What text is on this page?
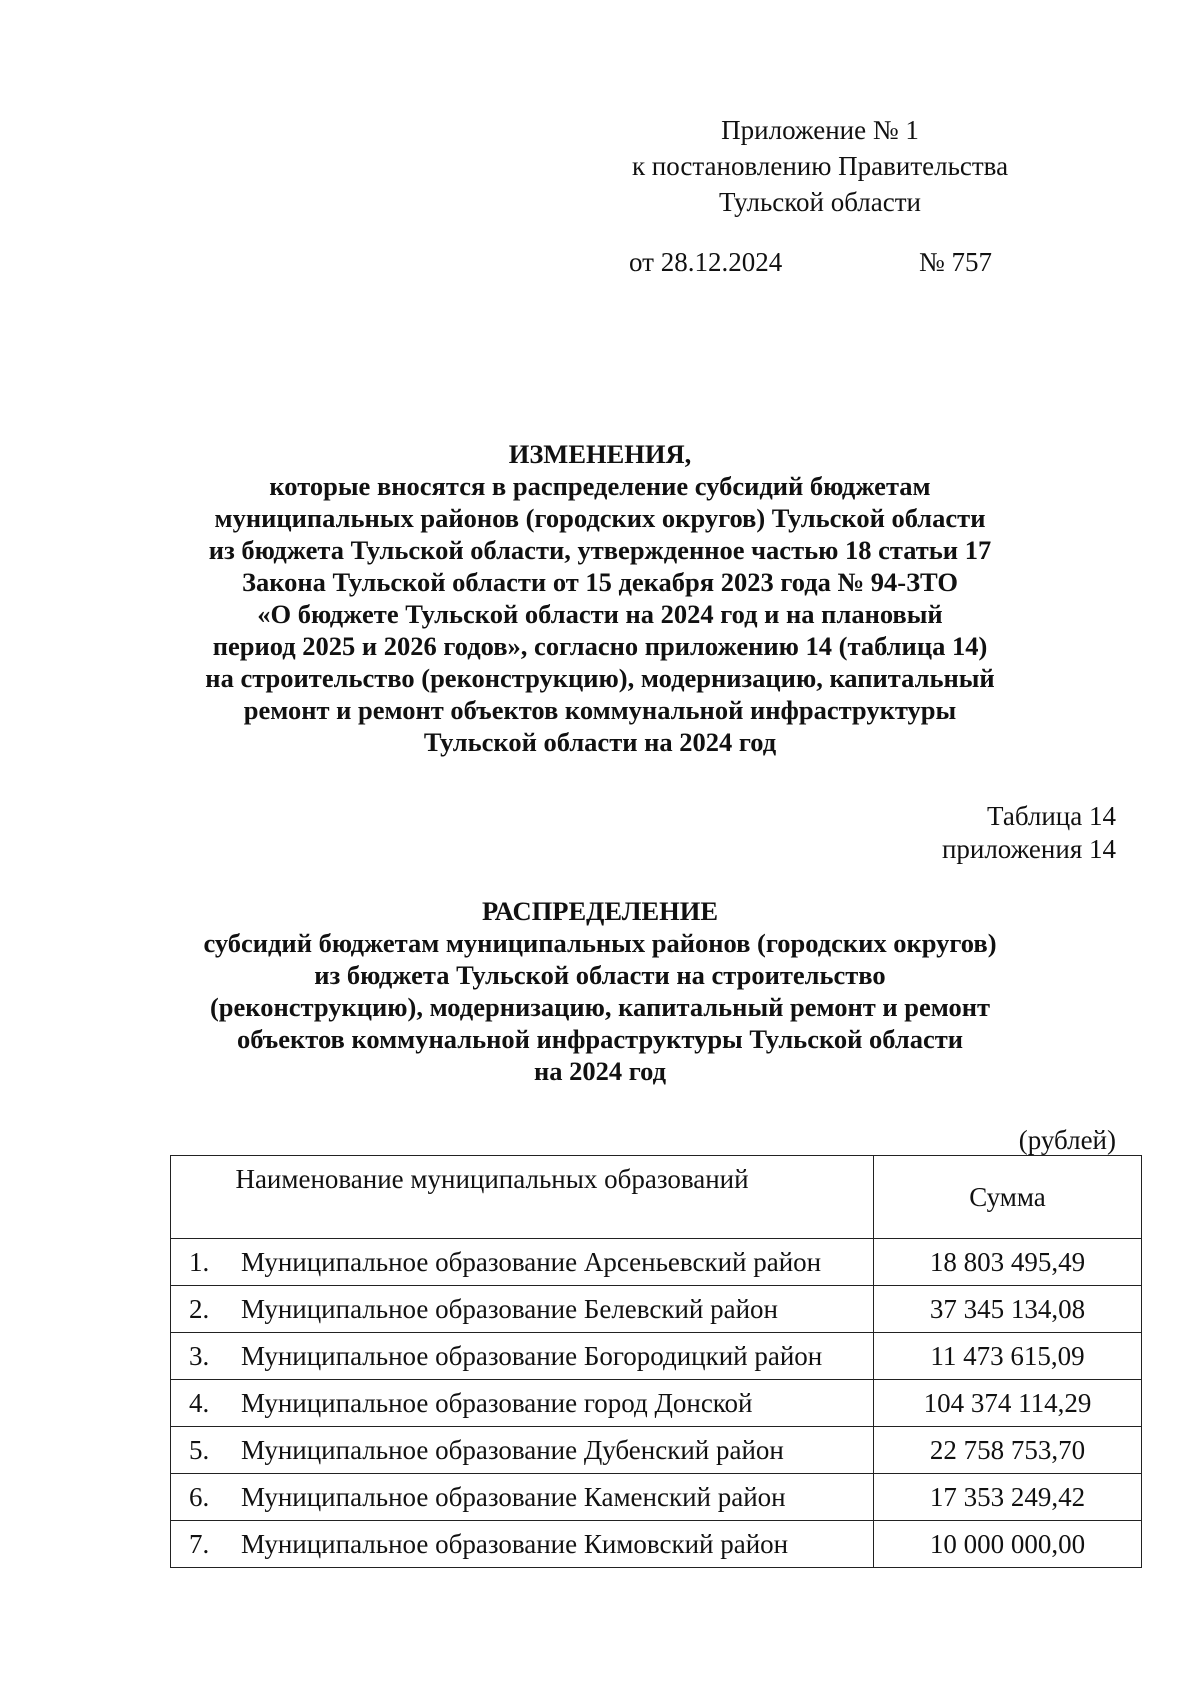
Приложение № 1
к постановлению Правительства
Тульской области
от 28.12.2024	№ 757
ИЗМЕНЕНИЯ,
которые вносятся в распределение субсидий бюджетам
муниципальных районов (городских округов) Тульской области
из бюджета Тульской области, утвержденное частью 18 статьи 17
Закона Тульской области от 15 декабря 2023 года № 94-ЗТО
«О бюджете Тульской области на 2024 год и на плановый
период 2025 и 2026 годов», согласно приложению 14 (таблица 14)
на строительство (реконструкцию), модернизацию, капитальный
ремонт и ремонт объектов коммунальной инфраструктуры
Тульской области на 2024 год
Таблица 14
приложения 14
РАСПРЕДЕЛЕНИЕ
субсидий бюджетам муниципальных районов (городских округов)
из бюджета Тульской области на строительство
(реконструкцию), модернизацию, капитальный ремонт и ремонт
объектов коммунальной инфраструктуры Тульской области
на 2024 год
(рублей)
Наименование муниципальных образований	Сумма
1. Муниципальное образование Арсеньевский район	18 803 495,49
2. Муниципальное образование Белевский район	37 345 134,08
3. Муниципальное образование Богородицкий район	11 473 615,09
4. Муниципальное образование город Донской	104 374 114,29
5. Муниципальное образование Дубенский район	22 758 753,70
6. Муниципальное образование Каменский район	17 353 249,42
7. Муниципальное образование Кимовский район	10 000 000,00
